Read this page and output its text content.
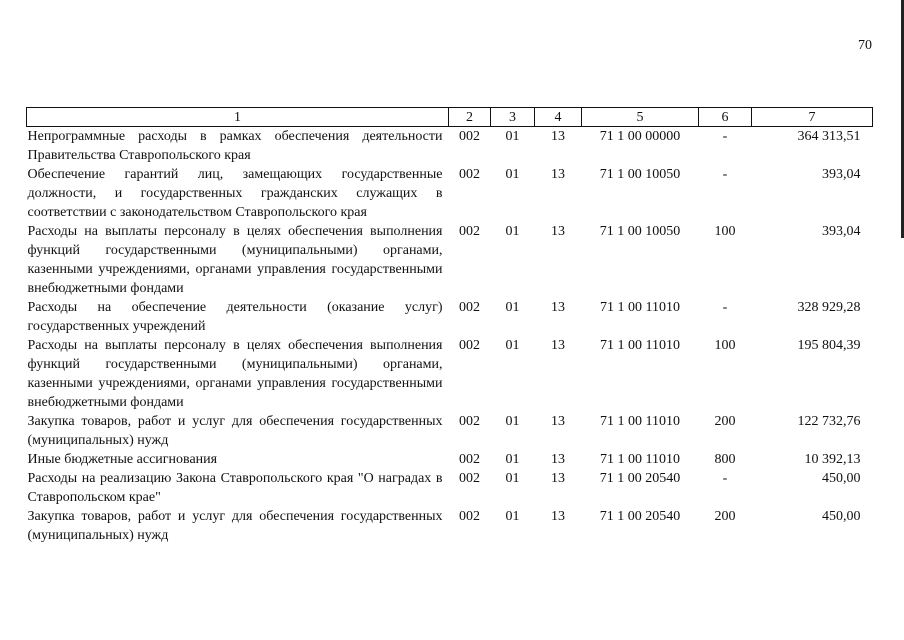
70
1	2	3	4	5	6	7
Непрограммные расходы в рамках обеспечения деятельности Правительства Ставропольского края	002	01	13	71 1 00 00000	-	364 313,51
Обеспечение гарантий лиц, замещающих государственные должности, и государственных гражданских служащих в соответствии с законодательством Ставропольского края	002	01	13	71 1 00 10050	-	393,04
Расходы на выплаты персоналу в целях обеспечения выполнения функций государственными (муниципальными) органами, казенными учреждениями, органами управления государственными внебюджетными фондами	002	01	13	71 1 00 10050	100	393,04
Расходы на обеспечение деятельности (оказание услуг) государственных учреждений	002	01	13	71 1 00 11010	-	328 929,28
Расходы на выплаты персоналу в целях обеспечения выполнения функций государственными (муниципальными) органами, казенными учреждениями, органами управления государственными внебюджетными фондами	002	01	13	71 1 00 11010	100	195 804,39
Закупка товаров, работ и услуг для обеспечения государственных (муниципальных) нужд	002	01	13	71 1 00 11010	200	122 732,76
Иные бюджетные ассигнования	002	01	13	71 1 00 11010	800	10 392,13
Расходы на реализацию Закона Ставропольского края "О наградах в Ставропольском крае"	002	01	13	71 1 00 20540	-	450,00
Закупка товаров, работ и услуг для обеспечения государственных (муниципальных) нужд	002	01	13	71 1 00 20540	200	450,00
